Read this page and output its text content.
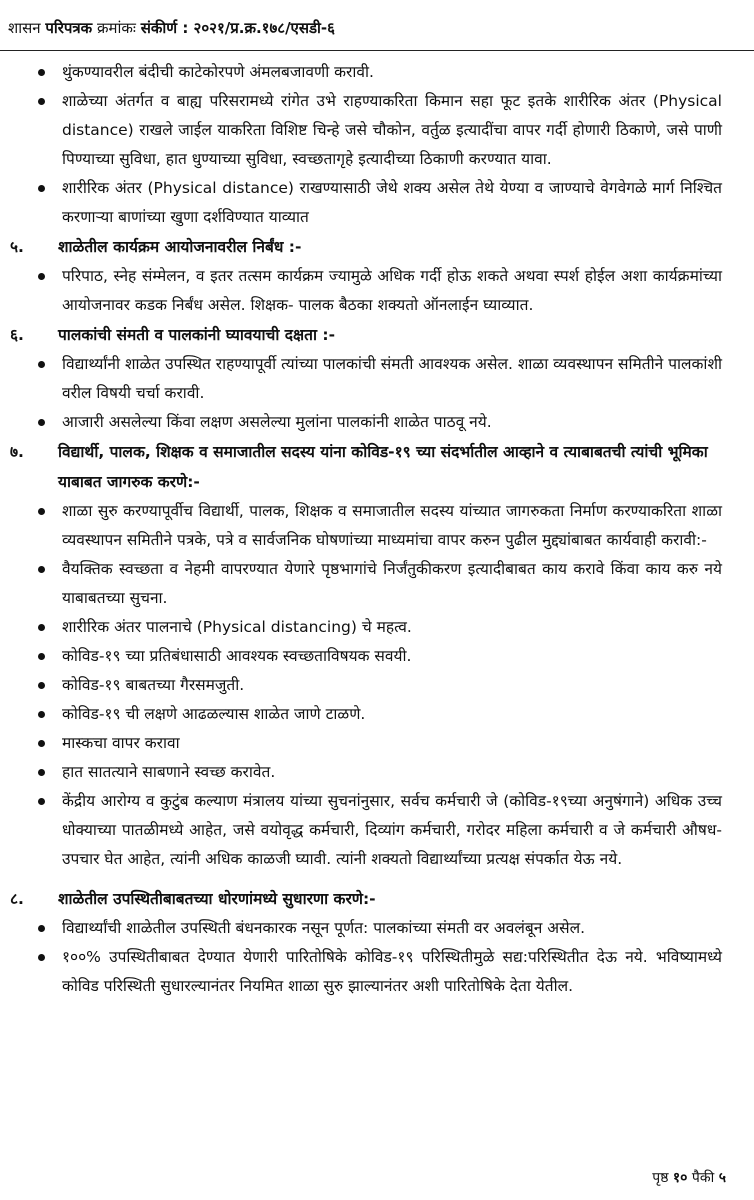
शासन परिपत्रक क्रमांकः संकीर्ण : २०२१/प्र.क्र.१७८/एसडी-६
थुंकण्यावरील बंदीची काटेकोरपणे अंमलबजावणी करावी.
शाळेच्या अंतर्गत व बाह्य परिसरामध्ये रांगेत उभे राहण्याकरिता किमान सहा फूट इतके शारीरिक अंतर (Physical distance) राखले जाईल याकरिता विशिष्ट चिन्हे जसे चौकोन, वर्तुळ इत्यादींचा वापर गर्दी होणारी ठिकाणे, जसे पाणी पिण्याच्या सुविधा, हात धुण्याच्या सुविधा, स्वच्छतागृहे इत्यादीच्या ठिकाणी करण्यात यावा.
शारीरिक अंतर (Physical distance) राखण्यासाठी जेथे शक्य असेल तेथे येण्या व जाण्याचे वेगवेगळे मार्ग निश्चित करणाऱ्या बाणांच्या खुणा दर्शविण्यात याव्यात
५. शाळेतील कार्यक्रम आयोजनावरील निर्बंध :-
परिपाठ, स्नेह संम्मेलन, व इतर तत्सम कार्यक्रम ज्यामुळे अधिक गर्दी होऊ शकते अथवा स्पर्श होईल अशा कार्यक्रमांच्या आयोजनावर कडक निर्बंध असेल. शिक्षक- पालक बैठका शक्यतो ऑनलाईन घ्याव्यात.
६. पालकांची संमती व पालकांनी घ्यावयाची दक्षता :-
विद्यार्थ्यांनी शाळेत उपस्थित राहण्यापूर्वी त्यांच्या पालकांची संमती आवश्यक असेल. शाळा व्यवस्थापन समितीने पालकांशी वरील विषयी चर्चा करावी.
आजारी असलेल्या किंवा लक्षण असलेल्या मुलांना पालकांनी शाळेत पाठवू नये.
७. विद्यार्थी, पालक, शिक्षक व समाजातील सदस्य यांना कोविड-१९ च्या संदर्भातील आव्हाने व त्याबाबतची त्यांची भूमिका याबाबत जागरुक करणे:-
शाळा सुरु करण्यापूर्वीच विद्यार्थी, पालक, शिक्षक व समाजातील सदस्य यांच्यात जागरुकता निर्माण करण्याकरिता शाळा व्यवस्थापन समितीने पत्रके, पत्रे व सार्वजनिक घोषणांच्या माध्यमांचा वापर करुन पुढील मुद्द्यांबाबत कार्यवाही करावी:-
वैयक्तिक स्वच्छता व नेहमी वापरण्यात येणारे पृष्ठभागांचे निर्जंतुकीकरण इत्यादीबाबत काय करावे किंवा काय करु नये याबाबतच्या सुचना.
शारीरिक अंतर पालनाचे (Physical distancing) चे महत्व.
कोविड-१९ च्या प्रतिबंधासाठी आवश्यक स्वच्छताविषयक सवयी.
कोविड-१९ बाबतच्या गैरसमजुती.
कोविड-१९ ची लक्षणे आढळल्यास शाळेत जाणे टाळणे.
मास्कचा वापर करावा
हात सातत्याने साबणाने स्वच्छ करावेत.
केंद्रीय आरोग्य व कुटुंब कल्याण मंत्रालय यांच्या सुचनांनुसार, सर्वच कर्मचारी जे (कोविड-१९च्या अनुषंगाने) अधिक उच्च धोक्याच्या पातळीमध्ये आहेत, जसे वयोवृद्ध कर्मचारी, दिव्यांग कर्मचारी, गरोदर महिला कर्मचारी व जे कर्मचारी औषध-उपचार घेत आहेत, त्यांनी अधिक काळजी घ्यावी. त्यांनी शक्यतो विद्यार्थ्यांच्या प्रत्यक्ष संपर्कात येऊ नये.
८. शाळेतील उपस्थितीबाबतच्या धोरणांमध्ये सुधारणा करणे:-
विद्यार्थ्यांची शाळेतील उपस्थिती बंधनकारक नसून पूर्णत: पालकांच्या संमती वर अवलंबून असेल.
१००% उपस्थितीबाबत देण्यात येणारी पारितोषिके कोविड-१९ परिस्थितीमुळे सद्य:परिस्थितीत देऊ नये. भविष्यामध्ये कोविड परिस्थिती सुधारल्यानंतर नियमित शाळा सुरु झाल्यानंतर अशी पारितोषिके देता येतील.
पृष्ठ १० पैकी ५
